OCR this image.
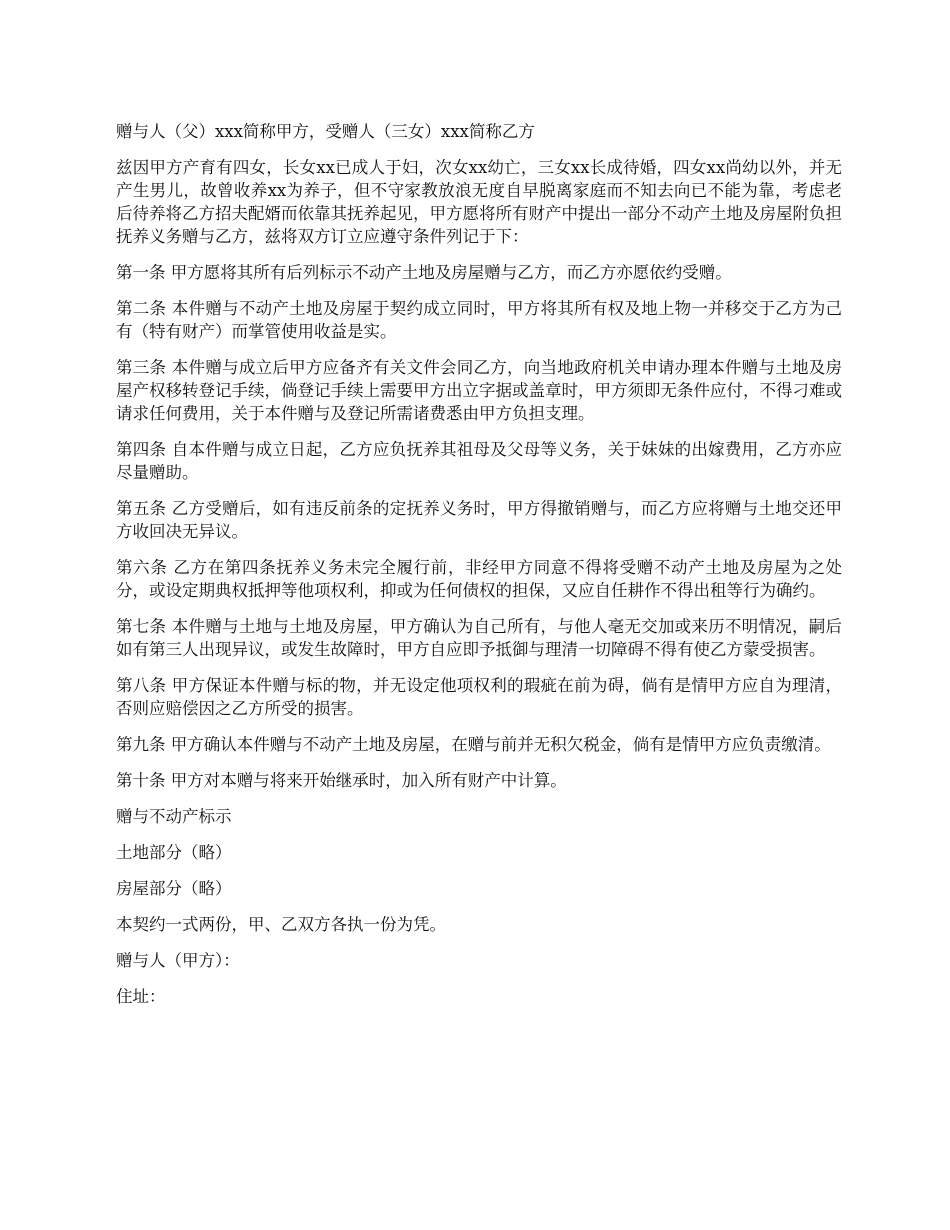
赠与人（父）xxx简称甲方，受赠人（三女）xxx简称乙方

兹因甲方产育有四女，长女xx已成人于妇，次女xx幼亡，三女xx长成待婚，四女xx尚幼以外，并无产生男儿，故曾收养xx为养子，但不守家教放浪无度自早脱离家庭而不知去向已不能为靠，考虑老后待养将乙方招夫配婿而依靠其抚养起见，甲方愿将所有财产中提出一部分不动产土地及房屋附负担抚养义务赠与乙方，兹将双方订立应遵守条件列记于下：

第一条 甲方愿将其所有后列标示不动产土地及房屋赠与乙方，而乙方亦愿依约受赠。

第二条 本件赠与不动产土地及房屋于契约成立同时，甲方将其所有权及地上物一并移交于乙方为己有（特有财产）而掌管使用收益是实。

第三条 本件赠与成立后甲方应备齐有关文件会同乙方，向当地政府机关申请办理本件赠与土地及房屋产权移转登记手续，倘登记手续上需要甲方出立字据或盖章时，甲方须即无条件应付，不得刁难或请求任何费用，关于本件赠与及登记所需诸费悉由甲方负担支理。

第四条 自本件赠与成立日起，乙方应负抚养其祖母及父母等义务，关于妹妹的出嫁费用，乙方亦应尽量赠助。

第五条 乙方受赠后，如有违反前条的定抚养义务时，甲方得撤销赠与，而乙方应将赠与土地交还甲方收回决无异议。

第六条 乙方在第四条抚养义务未完全履行前，非经甲方同意不得将受赠不动产土地及房屋为之处分，或设定期典权抵押等他项权利，抑或为任何债权的担保，又应自任耕作不得出租等行为确约。

第七条 本件赠与土地与土地及房屋，甲方确认为自己所有，与他人毫无交加或来历不明情况，嗣后如有第三人出现异议，或发生故障时，甲方自应即予抵御与理清一切障碍不得有使乙方蒙受损害。

第八条 甲方保证本件赠与标的物，并无设定他项权利的瑕疵在前为碍，倘有是情甲方应自为理清，否则应赔偿因之乙方所受的损害。

第九条 甲方确认本件赠与不动产土地及房屋，在赠与前并无积欠税金，倘有是情甲方应负责缴清。

第十条 甲方对本赠与将来开始继承时，加入所有财产中计算。

赠与不动产标示

土地部分（略）

房屋部分（略）

本契约一式两份，甲、乙双方各执一份为凭。

赠与人（甲方）：

住址：
